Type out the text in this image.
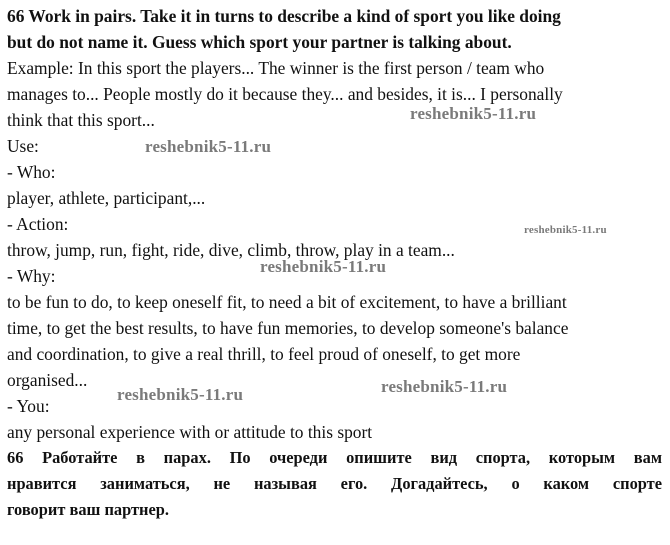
66 Work in pairs. Take it in turns to describe a kind of sport you like doing
but do not name it. Guess which sport your partner is talking about.
Example: In this sport the players... The winner is the first person / team who
manages to... People mostly do it because they... and besides, it is... I personally
think that this sport...
Use:
- Who:
player, athlete, participant,...
- Action:
throw, jump, run, fight, ride, dive, climb, throw, play in a team...
- Why:
to be fun to do, to keep oneself fit, to need a bit of excitement, to have a brilliant
time, to get the best results, to have fun memories, to develop someone's balance
and coordination, to give a real thrill, to feel proud of oneself, to get more
organised...
- You:
any personal experience with or attitude to this sport
66 Работайте в парах. По очереди опишите вид спорта, которым вам
нравится заниматься, не называя его. Догадайтесь, о каком спорте
говорит ваш партнер.
reshebnik5-11.ru
reshebnik5-11.ru
reshebnik5-11.ru
reshebnik5-11.ru
reshebnik5-11.ru
reshebnik5-11.ru
